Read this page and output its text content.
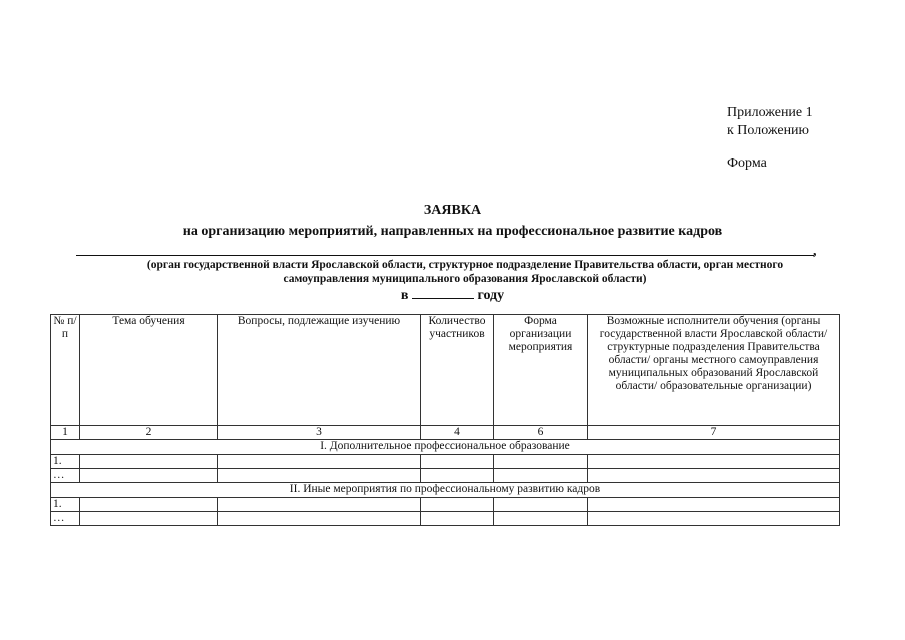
Приложение 1
к Положению
Форма
ЗАЯВКА
на организацию мероприятий, направленных на профессиональное развитие кадров
,
(орган государственной власти Ярославской области, структурное подразделение Правительства области, орган местного
самоуправления муниципального образования Ярославской области)
в	году
№ п/п	Тема обучения	Вопросы, подлежащие изучению	Количество участников	Форма организации мероприятия	Возможные исполнители обучения (органы государственной власти Ярославской области/ структурные подразделения Правительства области/ органы местного самоуправления муниципальных образований Ярославской области/ образовательные организации)
1	2	3	4	6	7
I. Дополнительное профессиональное образование					
1.					
…					
II. Иные мероприятия по профессиональному развитию кадров					
1.					
…					
